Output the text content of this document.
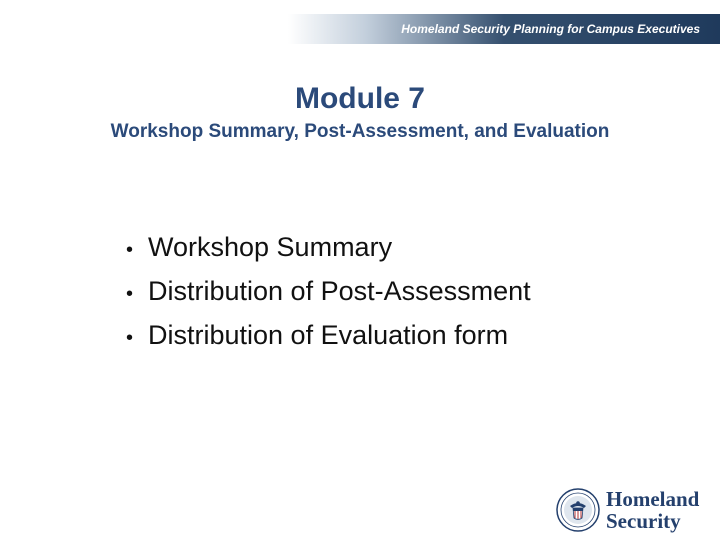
Homeland Security Planning for Campus Executives
Module 7
Workshop Summary, Post-Assessment, and Evaluation
• Workshop Summary
• Distribution of Post-Assessment
• Distribution of Evaluation form
Homeland
Security
